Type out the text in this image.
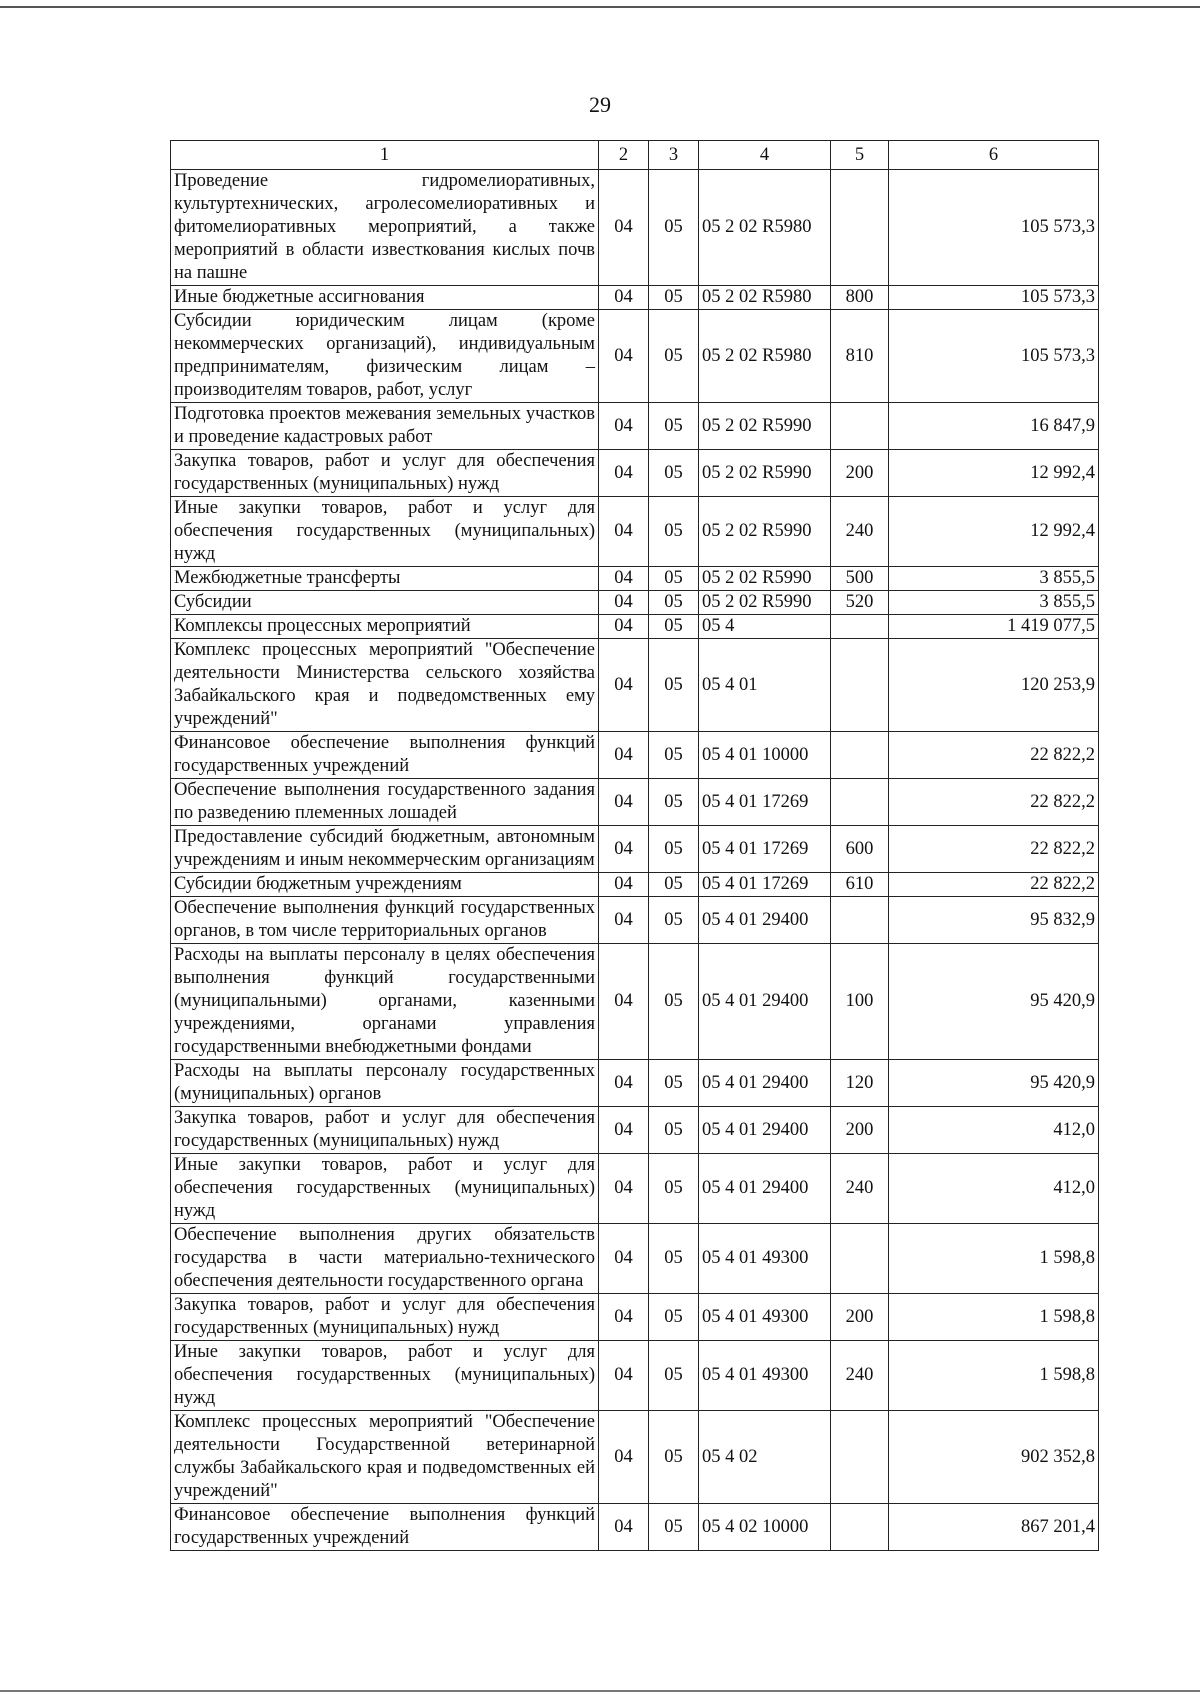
29
1	2	3	4	5	6
Проведение гидромелиоративных, культуртехнических, агролесомелиоративных и фитомелиоративных мероприятий, а также мероприятий в области известкования кислых почв на пашне	04	05	05 2 02 R5980		105 573,3
Иные бюджетные ассигнования	04	05	05 2 02 R5980	800	105 573,3
Субсидии юридическим лицам (кроме некоммерческих организаций), индивидуальным предпринимателям, физическим лицам – производителям товаров, работ, услуг	04	05	05 2 02 R5980	810	105 573,3
Подготовка проектов межевания земельных участков и проведение кадастровых работ	04	05	05 2 02 R5990		16 847,9
Закупка товаров, работ и услуг для обеспечения государственных (муниципальных) нужд	04	05	05 2 02 R5990	200	12 992,4
Иные закупки товаров, работ и услуг для обеспечения государственных (муниципальных) нужд	04	05	05 2 02 R5990	240	12 992,4
Межбюджетные трансферты	04	05	05 2 02 R5990	500	3 855,5
Субсидии	04	05	05 2 02 R5990	520	3 855,5
Комплексы процессных мероприятий	04	05	05 4		1 419 077,5
Комплекс процессных мероприятий "Обеспечение деятельности Министерства сельского хозяйства Забайкальского края и подведомственных ему учреждений"	04	05	05 4 01		120 253,9
Финансовое обеспечение выполнения функций государственных учреждений	04	05	05 4 01 10000		22 822,2
Обеспечение выполнения государственного задания по разведению племенных лошадей	04	05	05 4 01 17269		22 822,2
Предоставление субсидий бюджетным, автономным учреждениям и иным некоммерческим организациям	04	05	05 4 01 17269	600	22 822,2
Субсидии бюджетным учреждениям	04	05	05 4 01 17269	610	22 822,2
Обеспечение выполнения функций государственных органов, в том числе территориальных органов	04	05	05 4 01 29400		95 832,9
Расходы на выплаты персоналу в целях обеспечения выполнения функций государственными (муниципальными) органами, казенными учреждениями, органами управления государственными внебюджетными фондами	04	05	05 4 01 29400	100	95 420,9
Расходы на выплаты персоналу государственных (муниципальных) органов	04	05	05 4 01 29400	120	95 420,9
Закупка товаров, работ и услуг для обеспечения государственных (муниципальных) нужд	04	05	05 4 01 29400	200	412,0
Иные закупки товаров, работ и услуг для обеспечения государственных (муниципальных) нужд	04	05	05 4 01 29400	240	412,0
Обеспечение выполнения других обязательств государства в части материально-технического обеспечения деятельности государственного органа	04	05	05 4 01 49300		1 598,8
Закупка товаров, работ и услуг для обеспечения государственных (муниципальных) нужд	04	05	05 4 01 49300	200	1 598,8
Иные закупки товаров, работ и услуг для обеспечения государственных (муниципальных) нужд	04	05	05 4 01 49300	240	1 598,8
Комплекс процессных мероприятий "Обеспечение деятельности Государственной ветеринарной службы Забайкальского края и подведомственных ей учреждений"	04	05	05 4 02		902 352,8
Финансовое обеспечение выполнения функций государственных учреждений	04	05	05 4 02 10000		867 201,4
